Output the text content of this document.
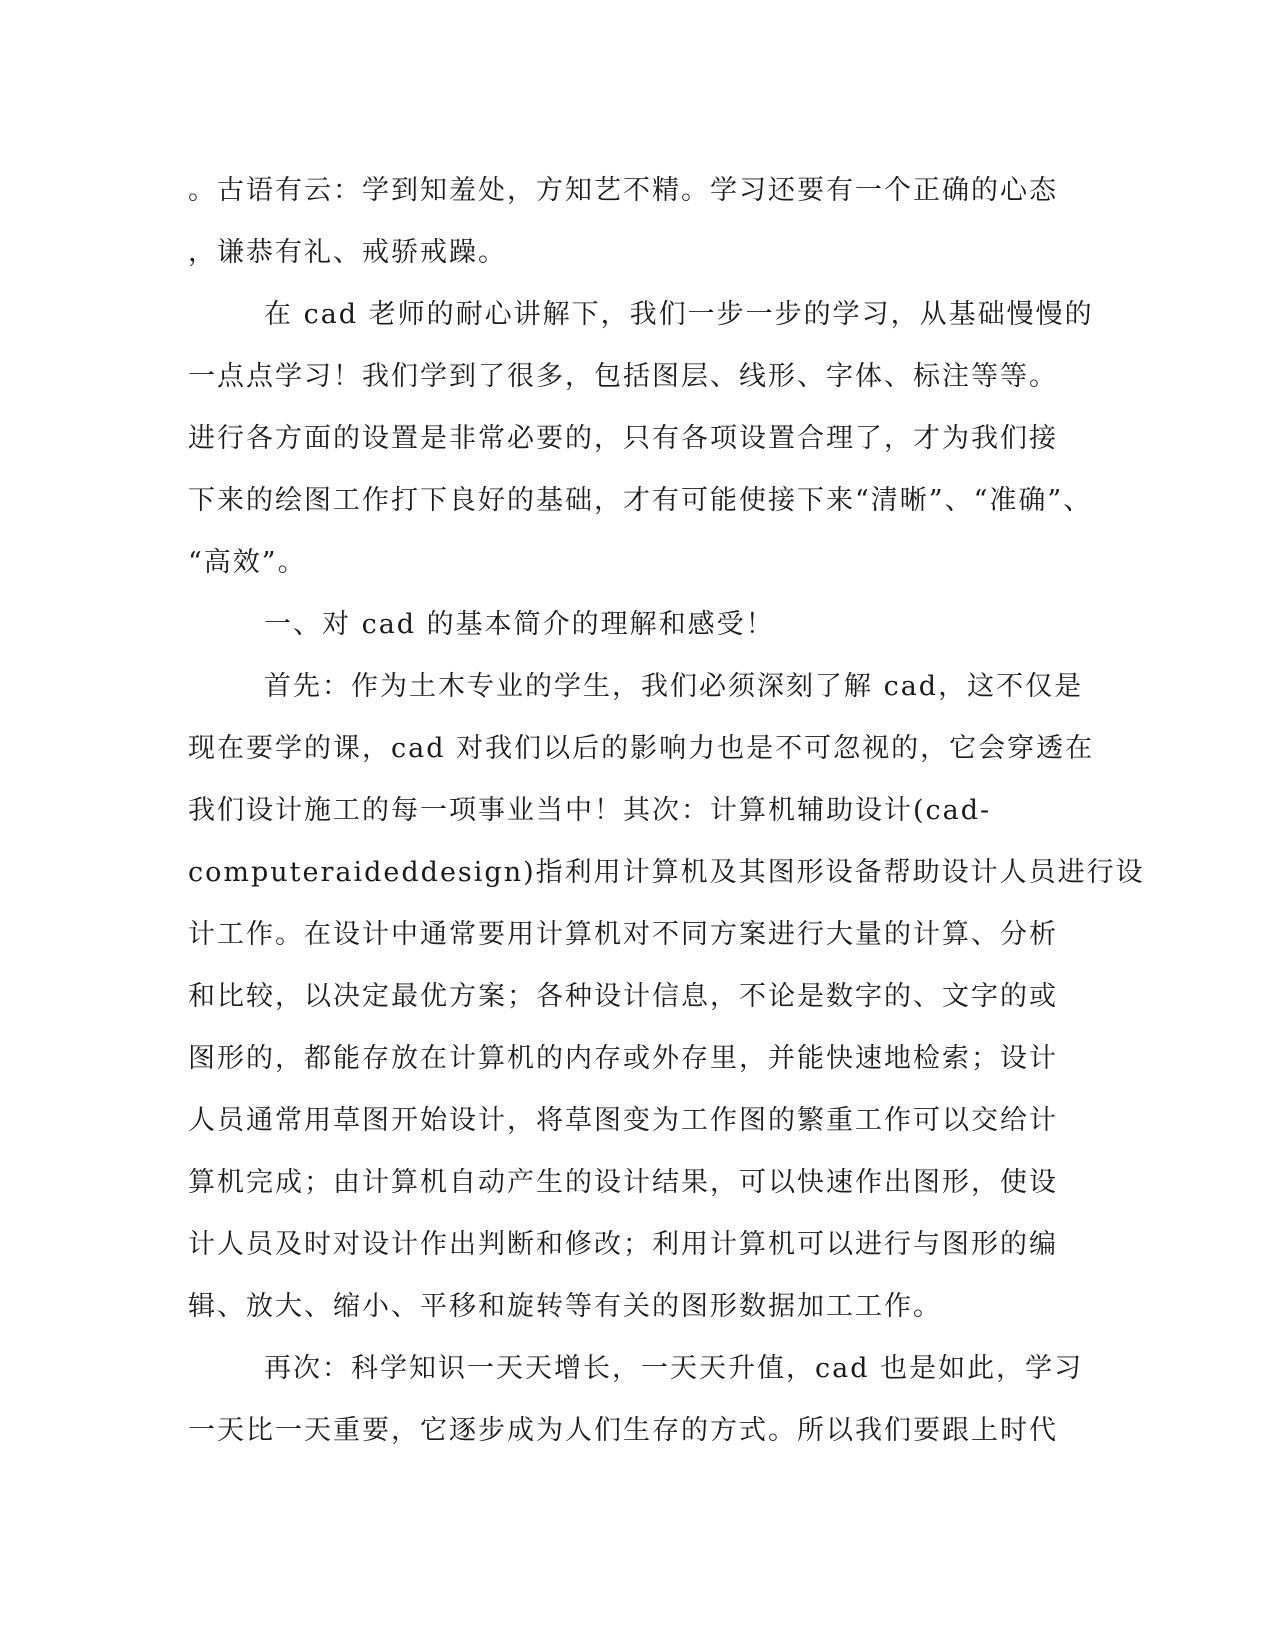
。古语有云：学到知羞处，方知艺不精。学习还要有一个正确的心态
，谦恭有礼、戒骄戒躁。
在 cad 老师的耐心讲解下，我们一步一步的学习，从基础慢慢的
一点点学习！我们学到了很多，包括图层、线形、字体、标注等等。
进行各方面的设置是非常必要的，只有各项设置合理了，才为我们接
下来的绘图工作打下良好的基础，才有可能使接下来“清晰”、“准确”、
“高效”。
一、对 cad 的基本简介的理解和感受！
首先：作为土木专业的学生，我们必须深刻了解 cad，这不仅是
现在要学的课，cad 对我们以后的影响力也是不可忽视的，它会穿透在
我们设计施工的每一项事业当中！其次：计算机辅助设计(cad-
computeraideddesign)指利用计算机及其图形设备帮助设计人员进行设
计工作。在设计中通常要用计算机对不同方案进行大量的计算、分析
和比较，以决定最优方案；各种设计信息，不论是数字的、文字的或
图形的，都能存放在计算机的内存或外存里，并能快速地检索；设计
人员通常用草图开始设计，将草图变为工作图的繁重工作可以交给计
算机完成；由计算机自动产生的设计结果，可以快速作出图形，使设
计人员及时对设计作出判断和修改；利用计算机可以进行与图形的编
辑、放大、缩小、平移和旋转等有关的图形数据加工工作。
再次：科学知识一天天增长，一天天升值，cad 也是如此，学习
一天比一天重要，它逐步成为人们生存的方式。所以我们要跟上时代
